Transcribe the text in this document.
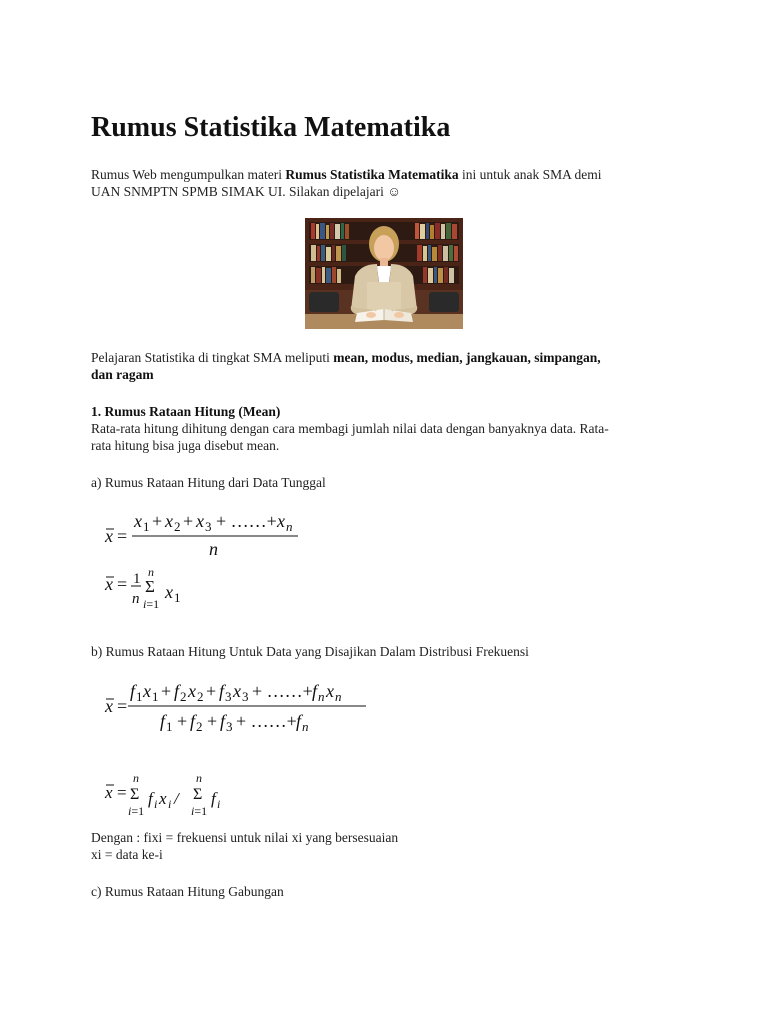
Rumus Statistika Matematika
Rumus Web mengumpulkan materi Rumus Statistika Matematika ini untuk anak SMA demi
UAN SNMPTN SPMB SIMAK UI. Silakan dipelajari ☺
Pelajaran Statistika di tingkat SMA meliputi mean, modus, median, jangkauan, simpangan,
dan ragam
1. Rumus Rataan Hitung (Mean)
Rata-rata hitung dihitung dengan cara membagi jumlah nilai data dengan banyaknya data. Rata-
rata hitung bisa juga disebut mean.
a) Rumus Rataan Hitung dari Data Tunggal
x =
x 1 + x 2 + x 3 + ……+ x n
n
x = 1
n
n
Σ
i=1
x 1
b) Rumus Rataan Hitung Untuk Data yang Disajikan Dalam Distribusi Frekuensi
x =
f 1 x 1 + f 2 x 2 + f 3 x 3 + ……+ f n x n
f 1 + f 2 + f 3 + ……+ f n
x =
n
Σ
i=1
f i x i /
n
Σ
i=1
f i
Dengan : fixi = frekuensi untuk nilai xi yang bersesuaian
xi = data ke-i
c) Rumus Rataan Hitung Gabungan
